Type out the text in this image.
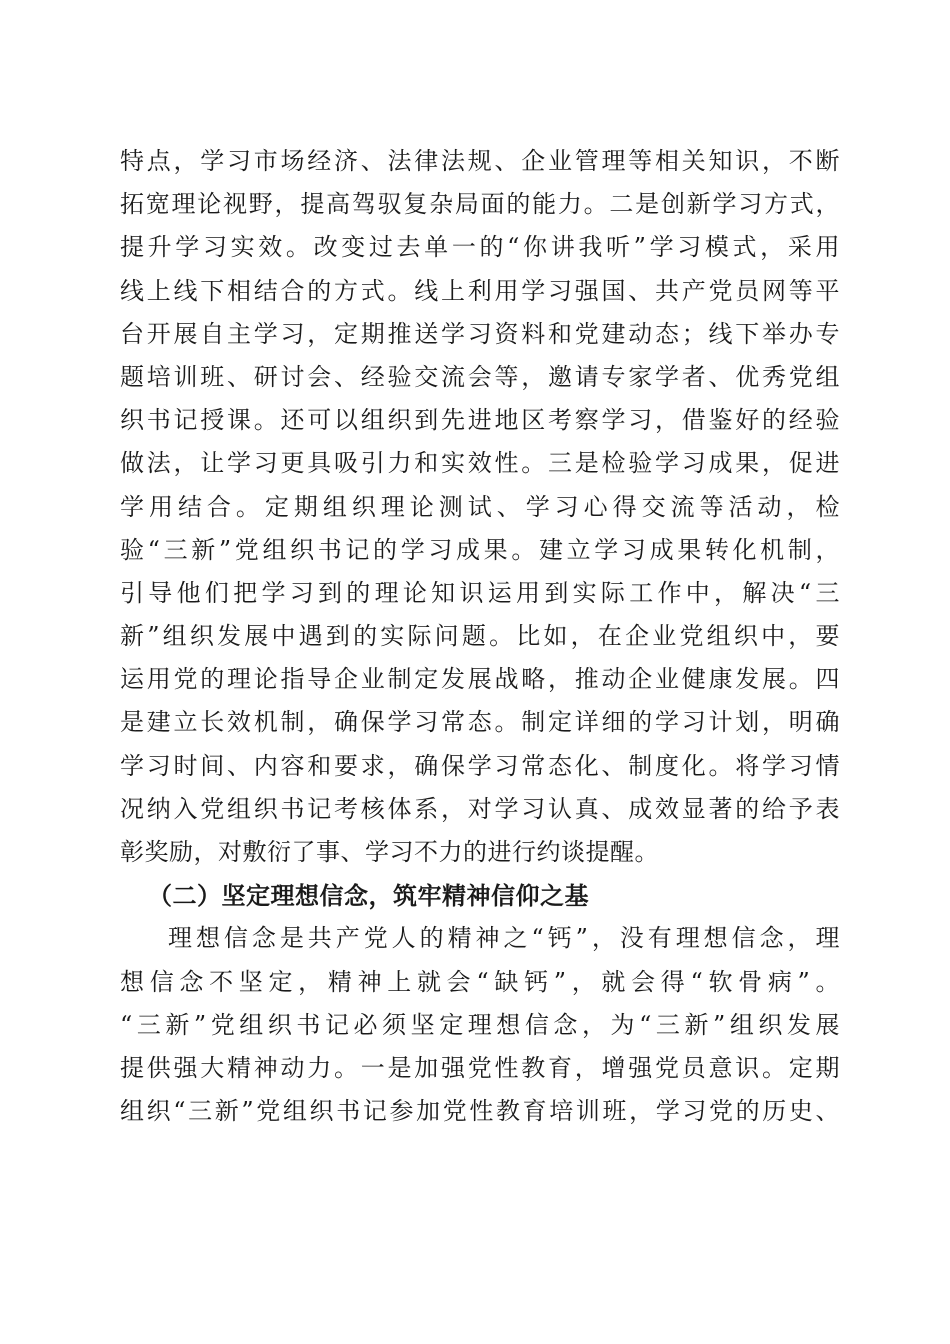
特点，学习市场经济、法律法规、企业管理等相关知识，不断
拓宽理论视野，提高驾驭复杂局面的能力。二是创新学习方式，
提升学习实效。改变过去单一的“你讲我听”学习模式，采用
线上线下相结合的方式。线上利用学习强国、共产党员网等平
台开展自主学习，定期推送学习资料和党建动态；线下举办专
题培训班、研讨会、经验交流会等，邀请专家学者、优秀党组
织书记授课。还可以组织到先进地区考察学习，借鉴好的经验
做法，让学习更具吸引力和实效性。三是检验学习成果，促进
学用结合。定期组织理论测试、学习心得交流等活动，检
验“三新”党组织书记的学习成果。建立学习成果转化机制，
引导他们把学习到的理论知识运用到实际工作中，解决“三
新”组织发展中遇到的实际问题。比如，在企业党组织中，要
运用党的理论指导企业制定发展战略，推动企业健康发展。四
是建立长效机制，确保学习常态。制定详细的学习计划，明确
学习时间、内容和要求，确保学习常态化、制度化。将学习情
况纳入党组织书记考核体系，对学习认真、成效显著的给予表
彰奖励，对敷衍了事、学习不力的进行约谈提醒。
（二）坚定理想信念，筑牢精神信仰之基
理想信念是共产党人的精神之“钙”，没有理想信念，理
想信念不坚定，精神上就会“缺钙”，就会得“软骨病”。
“三新”党组织书记必须坚定理想信念，为“三新”组织发展
提供强大精神动力。一是加强党性教育，增强党员意识。定期
组织“三新”党组织书记参加党性教育培训班，学习党的历史、
